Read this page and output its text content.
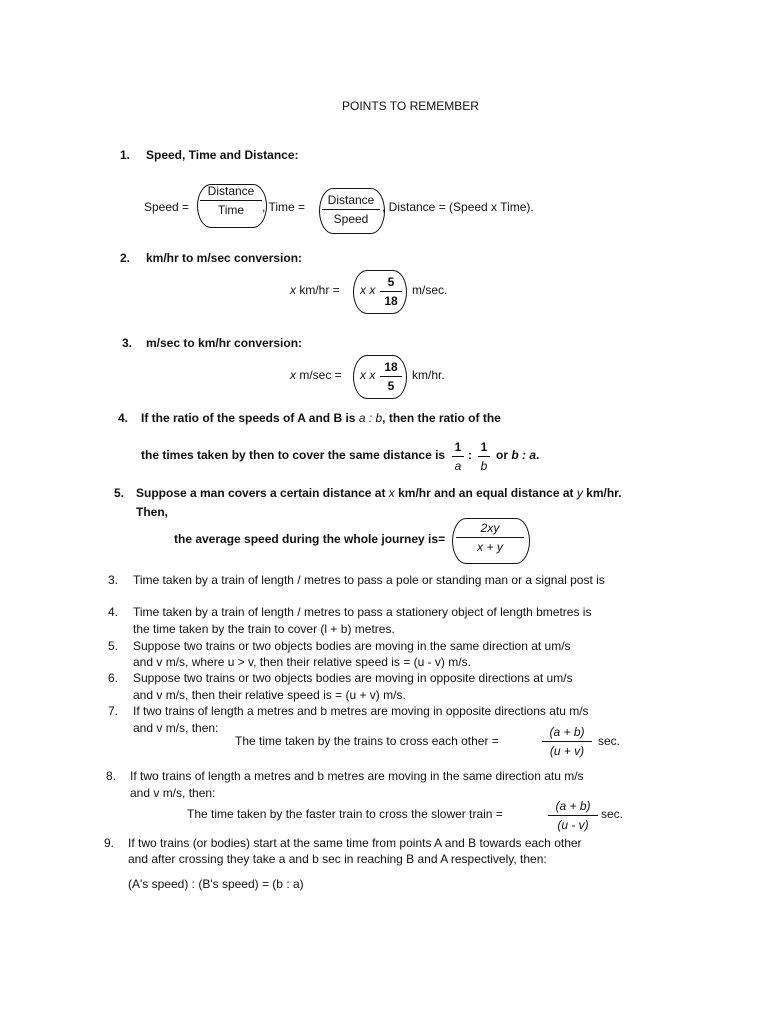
POINTS TO REMEMBER
1. Speed, Time and Distance:
Speed =
Distance
Time	, Time =	Distance
Speed
, Distance = (Speed x Time).
2. km/hr to m/sec conversion:
x km/hr = x x
5
18
m/sec.
3. m/sec to km/hr conversion:
x m/sec = x x
18
5
km/hr.
4. If the ratio of the speeds of A and B is a : b, then the ratio of the
the times taken by then to cover the same distance is
1
a
:
1
b
or b : a.
5. Suppose a man covers a certain distance at x km/hr and an equal distance at y km/hr.
Then,
the average speed during the whole journey is=
2xy
x + y
3. Time taken by a train of length / metres to pass a pole or standing man or a signal post is
4. Time taken by a train of length / metres to pass a stationery object of length bmetres is
the time taken by the train to cover (l + b) metres.
5. Suppose two trains or two objects bodies are moving in the same direction at um/s
and v m/s, where u > v, then their relative speed is = (u - v) m/s.
6. Suppose two trains or two objects bodies are moving in opposite directions at um/s
and v m/s, then their relative speed is = (u + v) m/s.
7. If two trains of length a metres and b metres are moving in opposite directions atu m/s
and v m/s, then:
The time taken by the trains to cross each other =
(a + b)
(u + v)
sec.
8. If two trains of length a metres and b metres are moving in the same direction atu m/s
and v m/s, then:
The time taken by the faster train to cross the slower train =
(a + b)
(u - v)
sec.
9. If two trains (or bodies) start at the same time from points A and B towards each other
and after crossing they take a and b sec in reaching B and A respectively, then:
(A's speed) : (B's speed) = (b : a)
